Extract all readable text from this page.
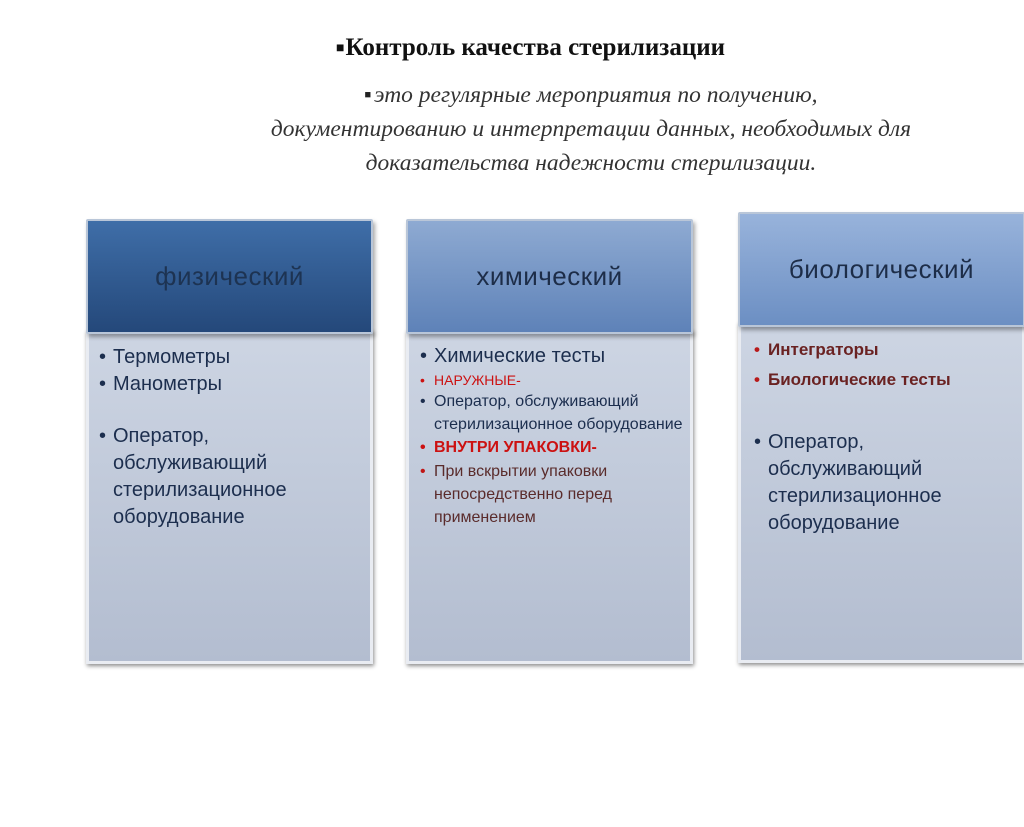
■Контроль качества стерилизации
■ это регулярные мероприятия по получению,
документированию и интерпретации данных, необходимых для
доказательства надежности стерилизации.
физический
• Термометры
• Манометры
• Оператор, обслуживающий стерилизационное оборудование
химический
• Химические тесты
• НАРУЖНЫЕ-
• Оператор, обслуживающий стерилизационное оборудование
• ВНУТРИ УПАКОВКИ-
• При вскрытии упаковки непосредственно перед применением
биологический
• Интеграторы
• Биологические тесты
• Оператор, обслуживающий стерилизационное оборудование
